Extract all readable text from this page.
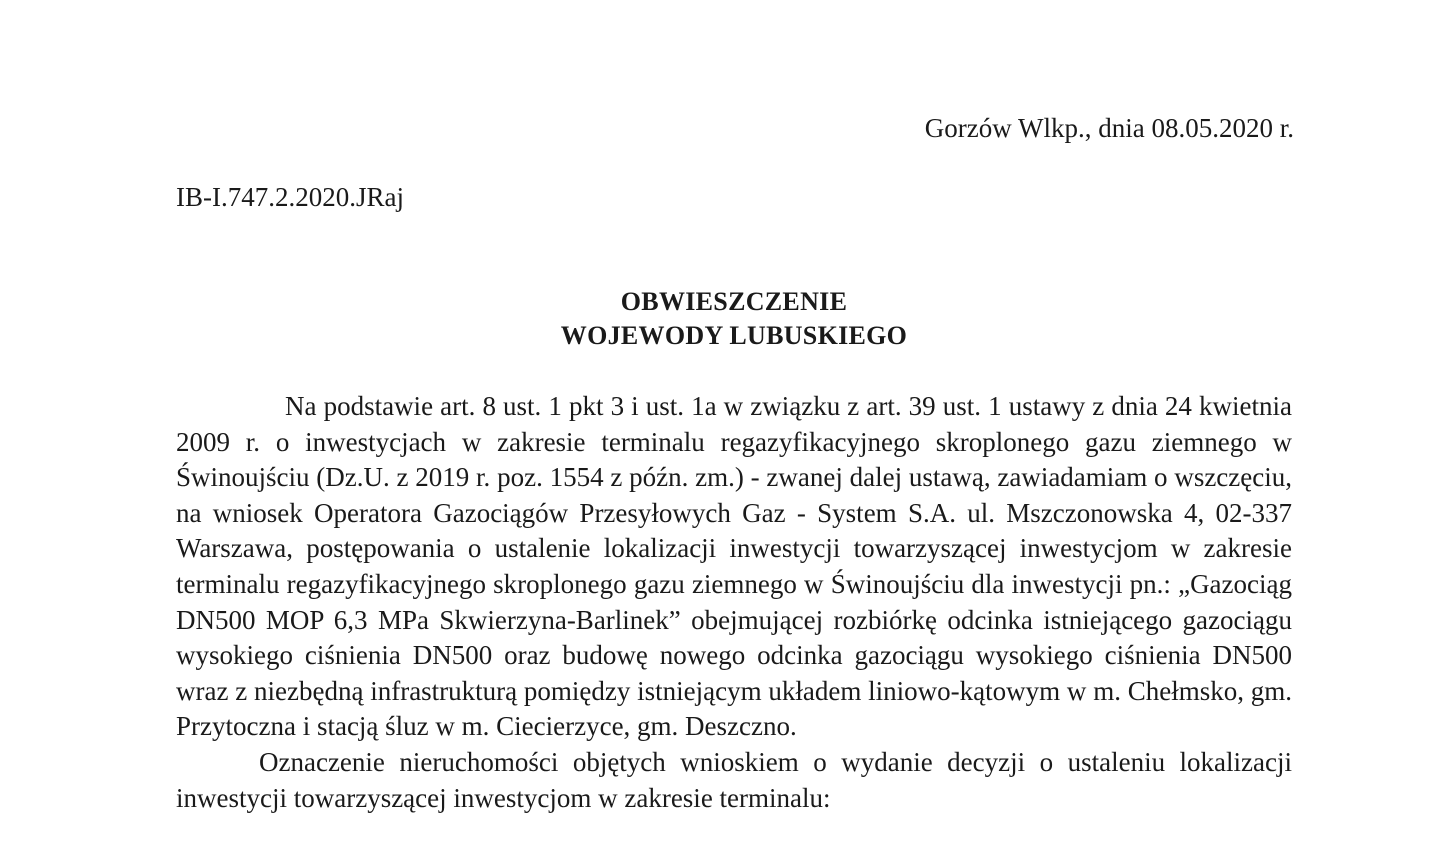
Gorzów Wlkp., dnia 08.05.2020 r.
IB-I.747.2.2020.JRaj
OBWIESZCZENIE
WOJEWODY LUBUSKIEGO

Na podstawie art. 8 ust. 1 pkt 3 i ust. 1a w związku z art. 39 ust. 1 ustawy z dnia 24 kwietnia 2009 r. o inwestycjach w zakresie terminalu regazyfikacyjnego skroplonego gazu ziemnego w Świnoujściu (Dz.U. z 2019 r. poz. 1554 z późn. zm.) - zwanej dalej ustawą, zawiadamiam o wszczęciu, na wniosek Operatora Gazociągów Przesyłowych Gaz - System S.A. ul. Mszczonowska 4, 02-337 Warszawa, postępowania o ustalenie lokalizacji inwestycji towarzyszącej inwestycjom w zakresie terminalu regazyfikacyjnego skroplonego gazu ziemnego w Świnoujściu dla inwestycji pn.: „Gazociąg DN500 MOP 6,3 MPa Skwierzyna-Barlinek” obejmującej rozbiórkę odcinka istniejącego gazociągu wysokiego ciśnienia DN500 oraz budowę nowego odcinka gazociągu wysokiego ciśnienia DN500 wraz z niezbędną infrastrukturą pomiędzy istniejącym układem liniowo-kątowym w m. Chełmsko, gm. Przytoczna i stacją śluz w m. Ciecierzyce, gm. Deszczno.

Oznaczenie nieruchomości objętych wnioskiem o wydanie decyzji o ustaleniu lokalizacji inwestycji towarzyszącej inwestycjom w zakresie terminalu:
